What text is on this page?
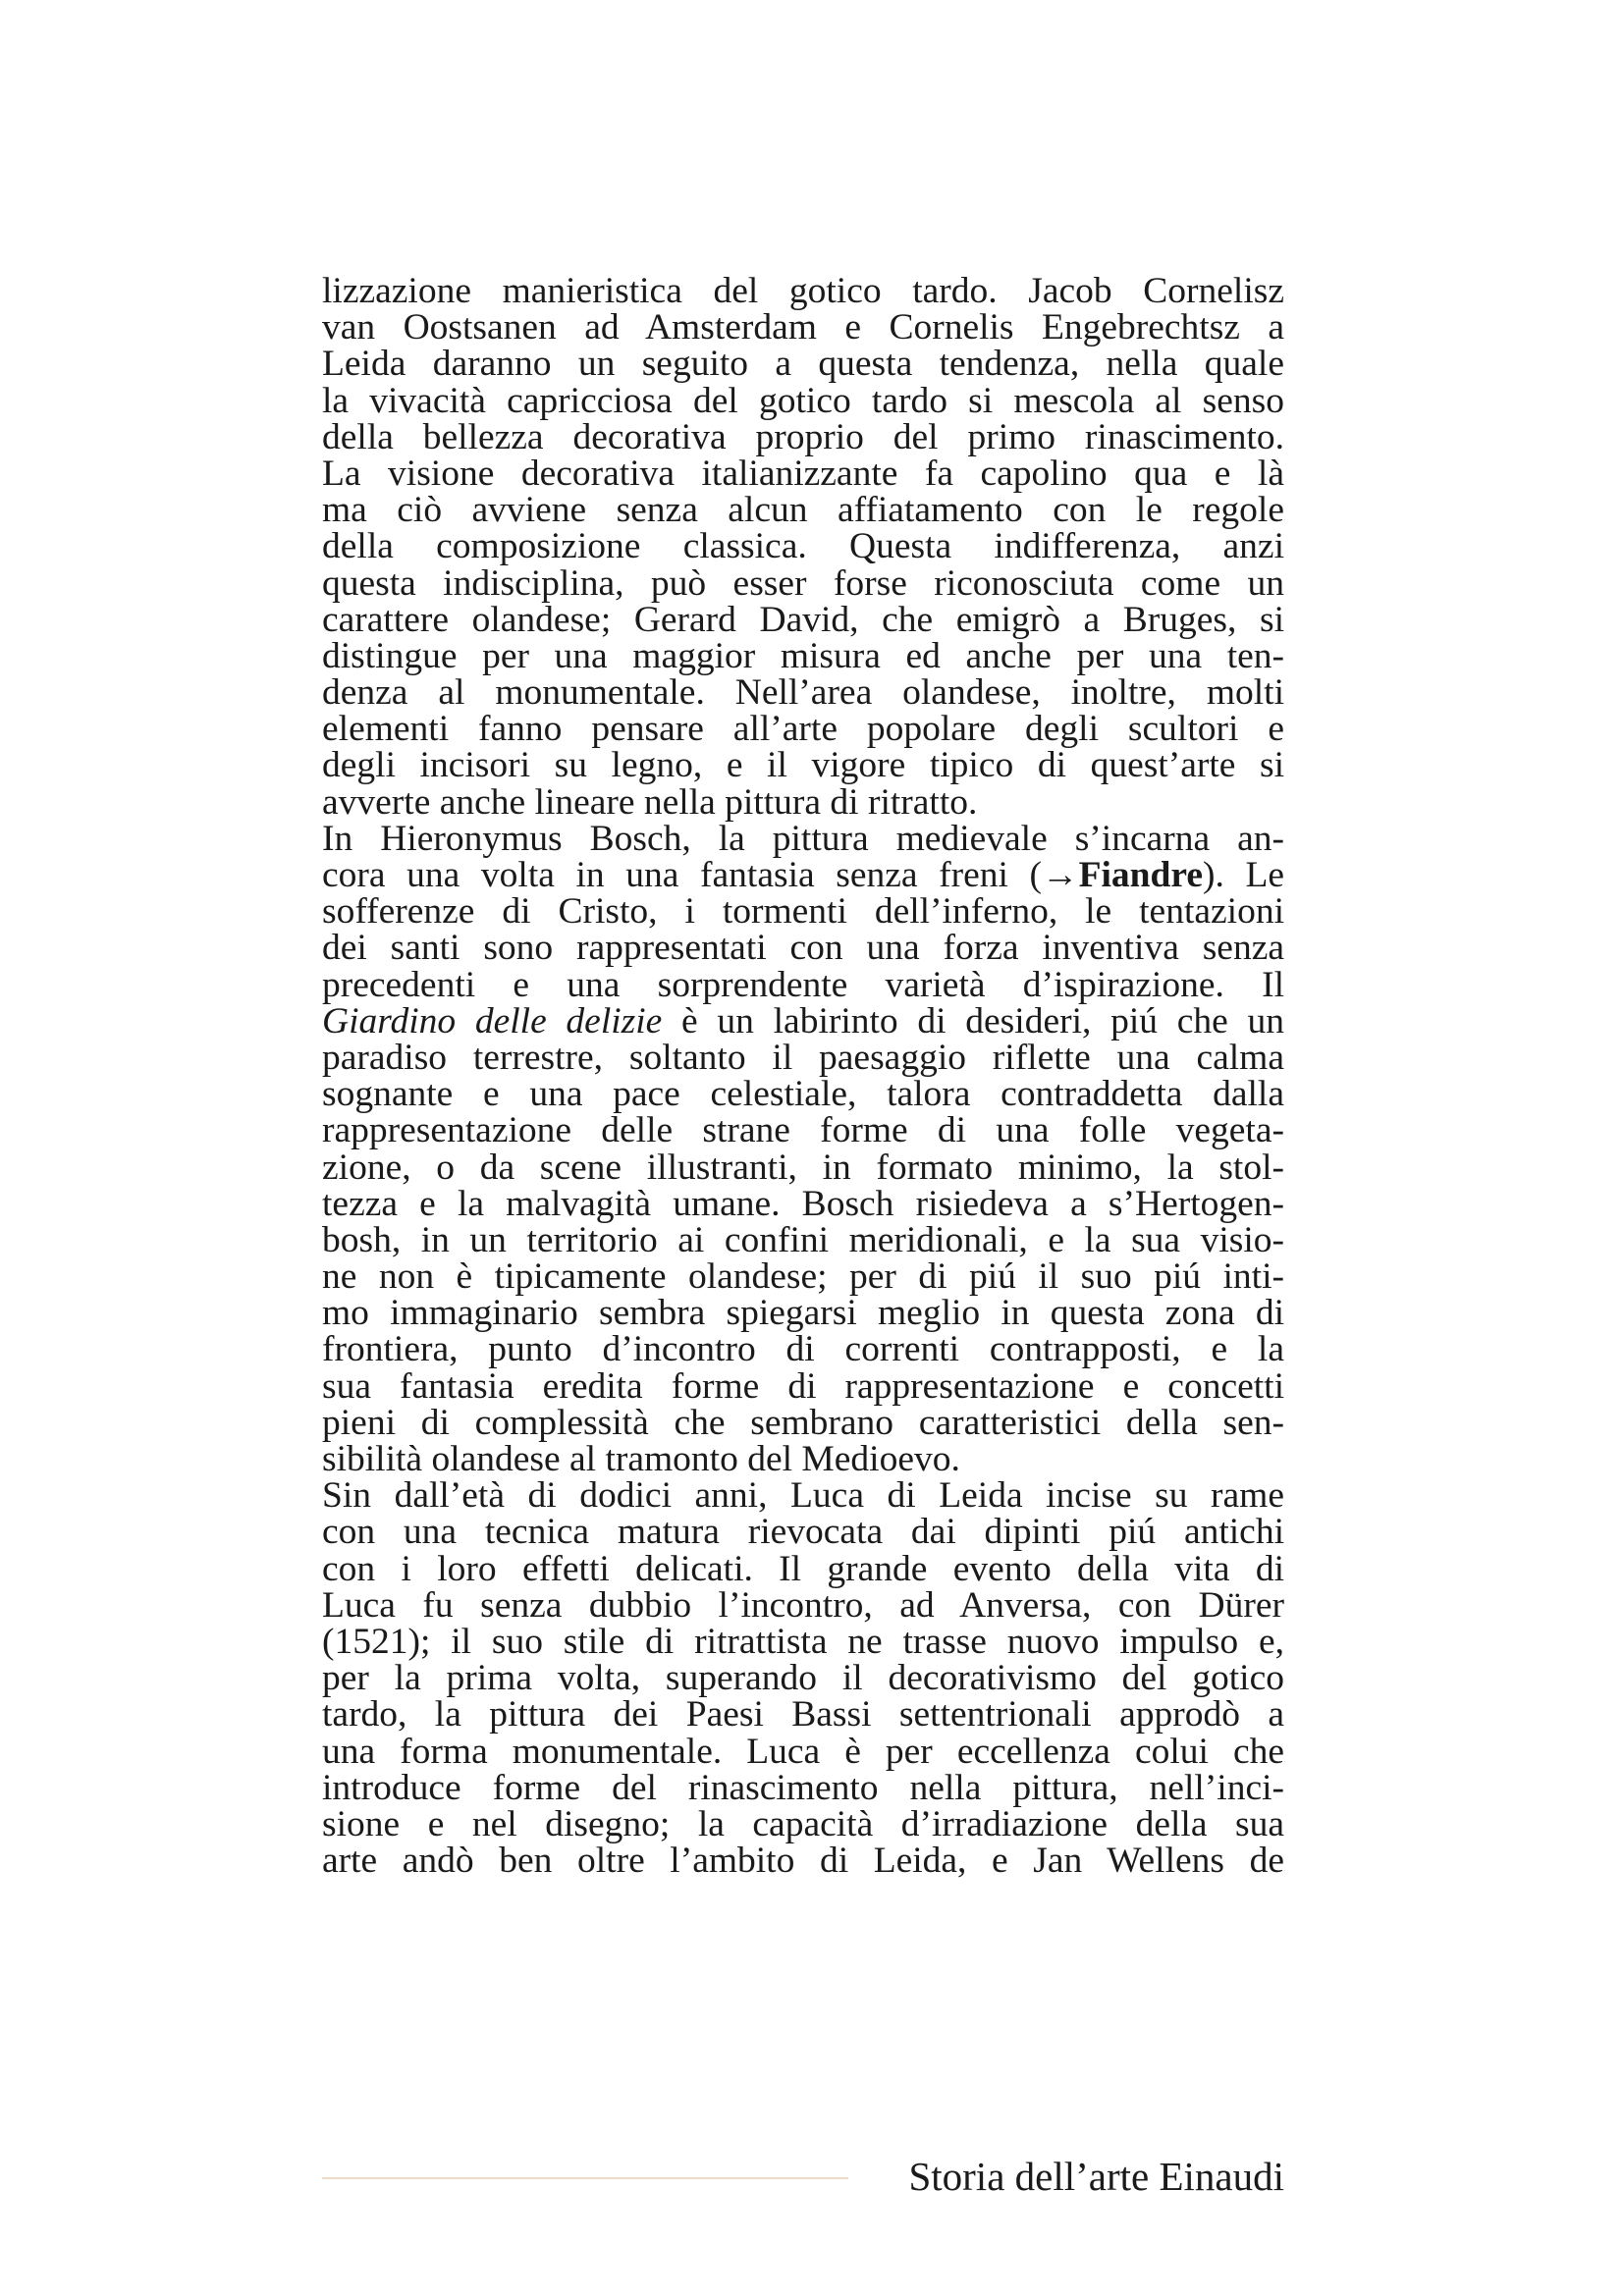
lizzazione manieristica del gotico tardo. Jacob Cornelisz
van Oostsanen ad Amsterdam e Cornelis Engebrechtsz a
Leida daranno un seguito a questa tendenza, nella quale
la vivacità capricciosa del gotico tardo si mescola al senso
della bellezza decorativa proprio del primo rinascimento.
La visione decorativa italianizzante fa capolino qua e là
ma ciò avviene senza alcun affiatamento con le regole
della composizione classica. Questa indifferenza, anzi
questa indisciplina, può esser forse riconosciuta come un
carattere olandese; Gerard David, che emigrò a Bruges, si
distingue per una maggior misura ed anche per una ten-
denza al monumentale. Nell’area olandese, inoltre, molti
elementi fanno pensare all’arte popolare degli scultori e
degli incisori su legno, e il vigore tipico di quest’arte si
avverte anche lineare nella pittura di ritratto.
In Hieronymus Bosch, la pittura medievale s’incarna an-
cora una volta in una fantasia senza freni (→Fiandre). Le
sofferenze di Cristo, i tormenti dell’inferno, le tentazioni
dei santi sono rappresentati con una forza inventiva senza
precedenti e una sorprendente varietà d’ispirazione. Il
Giardino delle delizie è un labirinto di desideri, piú che un
paradiso terrestre, soltanto il paesaggio riflette una calma
sognante e una pace celestiale, talora contraddetta dalla
rappresentazione delle strane forme di una folle vegeta-
zione, o da scene illustranti, in formato minimo, la stol-
tezza e la malvagità umane. Bosch risiedeva a s’Hertogen-
bosh, in un territorio ai confini meridionali, e la sua visio-
ne non è tipicamente olandese; per di piú il suo piú inti-
mo immaginario sembra spiegarsi meglio in questa zona di
frontiera, punto d’incontro di correnti contrapposti, e la
sua fantasia eredita forme di rappresentazione e concetti
pieni di complessità che sembrano caratteristici della sen-
sibilità olandese al tramonto del Medioevo.
Sin dall’età di dodici anni, Luca di Leida incise su rame
con una tecnica matura rievocata dai dipinti piú antichi
con i loro effetti delicati. Il grande evento della vita di
Luca fu senza dubbio l’incontro, ad Anversa, con Dürer
(1521); il suo stile di ritrattista ne trasse nuovo impulso e,
per la prima volta, superando il decorativismo del gotico
tardo, la pittura dei Paesi Bassi settentrionali approdò a
una forma monumentale. Luca è per eccellenza colui che
introduce forme del rinascimento nella pittura, nell’inci-
sione e nel disegno; la capacità d’irradiazione della sua
arte andò ben oltre l’ambito di Leida, e Jan Wellens de
Storia dell’arte Einaudi
